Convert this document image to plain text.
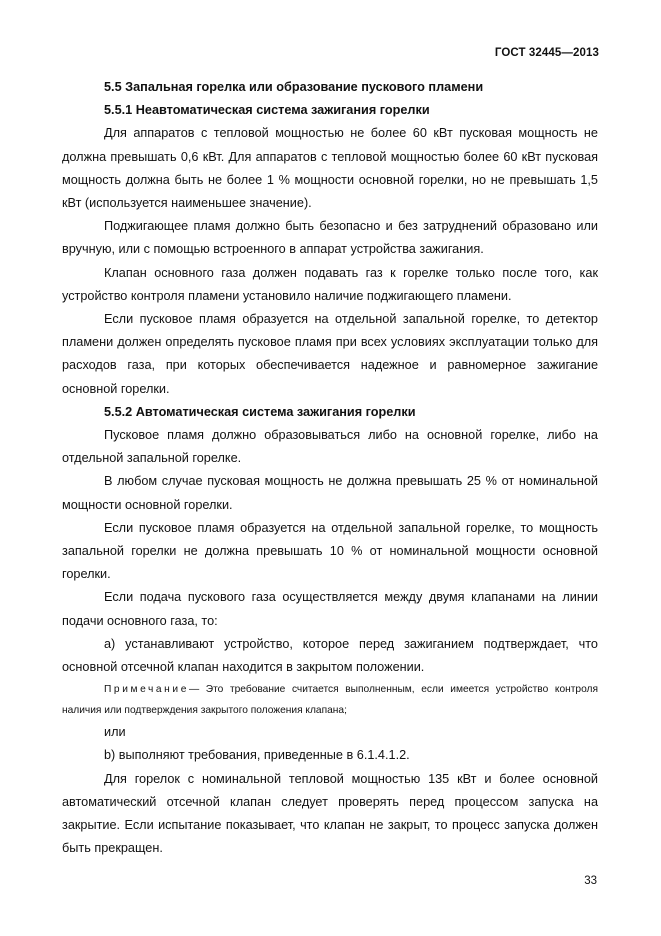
ГОСТ 32445—2013

5.5 Запальная горелка или образование пускового пламени

5.5.1 Неавтоматическая система зажигания горелки

Для аппаратов с тепловой мощностью не более 60 кВт пусковая мощность не должна превышать 0,6 кВт. Для аппаратов с тепловой мощностью более 60 кВт пусковая мощность должна быть не более 1 % мощности основной горелки, но не превышать 1,5 кВт (используется наименьшее значение).

Поджигающее пламя должно быть безопасно и без затруднений образовано или вручную, или с помощью встроенного в аппарат устройства зажигания.

Клапан основного газа должен подавать газ к горелке только после того, как устройство контроля пламени установило наличие поджигающего пламени.

Если пусковое пламя образуется на отдельной запальной горелке, то детектор пламени должен определять пусковое пламя при всех условиях эксплуатации только для расходов газа, при которых обеспечивается надежное и равномерное зажигание основной горелки.

5.5.2 Автоматическая система зажигания горелки

Пусковое пламя должно образовываться либо на основной горелке, либо на отдельной запальной горелке.

В любом случае пусковая мощность не должна превышать 25 % от номинальной мощности основной горелки.

Если пусковое пламя образуется на отдельной запальной горелке, то мощность запальной горелки не должна превышать 10 % от номинальной мощности основной горелки.

Если подача пускового газа осуществляется между двумя клапанами на линии подачи основного газа, то:

а) устанавливают устройство, которое перед зажиганием подтверждает, что основной отсечной клапан находится в закрытом положении.

Примечание— Это требование считается выполненным, если имеется устройство контроля наличия или подтверждения закрытого положения клапана;

или

b) выполняют требования, приведенные в 6.1.4.1.2.

Для горелок с номинальной тепловой мощностью 135 кВт и более основной автоматический отсечной клапан следует проверять перед процессом запуска на закрытие. Если испытание показывает, что клапан не закрыт, то процесс запуска должен быть прекращен.

33
